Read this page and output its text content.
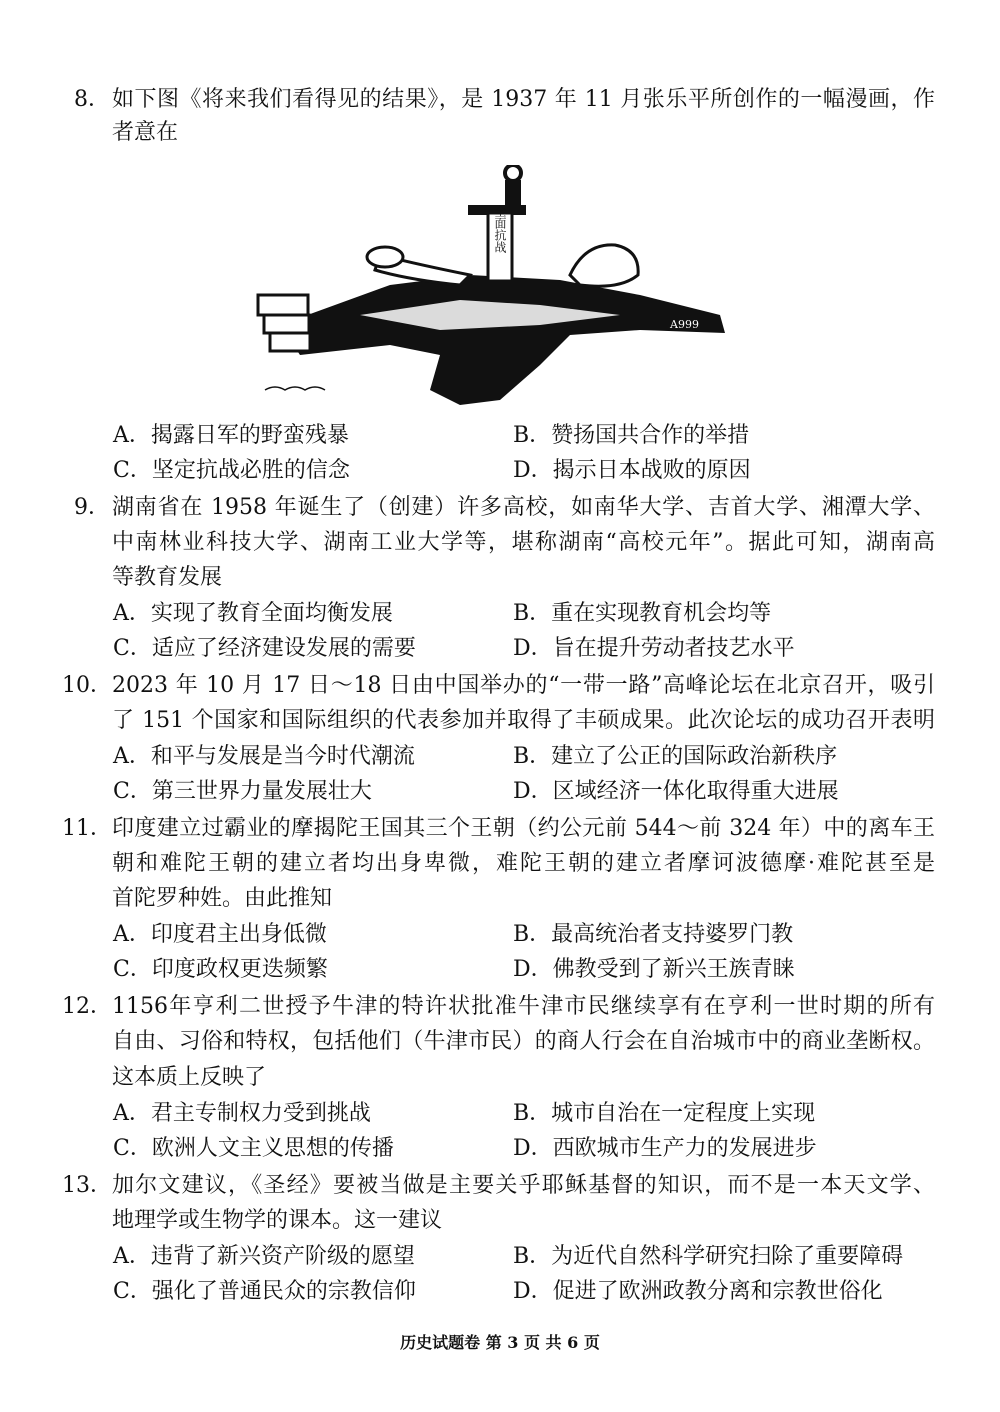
8． 如下图《将来我们看得见的结果》，是 1937 年 11 月张乐平所创作的一幅漫画，作
者意在
全面抗战
A999
A．揭露日军的野蛮残暴	B．赞扬国共合作的举措
C．坚定抗战必胜的信念	D．揭示日本战败的原因
9． 湖南省在 1958 年诞生了（创建）许多高校，如南华大学、吉首大学、湘潭大学、
中南林业科技大学、湖南工业大学等，堪称湖南“高校元年”。据此可知，湖南高
等教育发展
A．实现了教育全面均衡发展	B．重在实现教育机会均等
C．适应了经济建设发展的需要	D．旨在提升劳动者技艺水平
10． 2023 年 10 月 17 日～18 日由中国举办的“一带一路”高峰论坛在北京召开，吸引
了 151 个国家和国际组织的代表参加并取得了丰硕成果。此次论坛的成功召开表明
A．和平与发展是当今时代潮流	B．建立了公正的国际政治新秩序
C．第三世界力量发展壮大	D．区域经济一体化取得重大进展
11． 印度建立过霸业的摩揭陀王国其三个王朝（约公元前 544～前 324 年）中的离车王
朝和难陀王朝的建立者均出身卑微，难陀王朝的建立者摩诃波德摩·难陀甚至是
首陀罗种姓。由此推知
A．印度君主出身低微	B．最高统治者支持婆罗门教
C．印度政权更迭频繁	D．佛教受到了新兴王族青睐
12． 1156年亨利二世授予牛津的特许状批准牛津市民继续享有在亨利一世时期的所有
自由、习俗和特权，包括他们（牛津市民）的商人行会在自治城市中的商业垄断权。
这本质上反映了
A．君主专制权力受到挑战	B．城市自治在一定程度上实现
C．欧洲人文主义思想的传播	D．西欧城市生产力的发展进步
13． 加尔文建议，《圣经》要被当做是主要关乎耶稣基督的知识，而不是一本天文学、
地理学或生物学的课本。这一建议
A．违背了新兴资产阶级的愿望	B．为近代自然科学研究扫除了重要障碍
C．强化了普通民众的宗教信仰	D．促进了欧洲政教分离和宗教世俗化
历史试题卷 第 3 页 共 6 页
